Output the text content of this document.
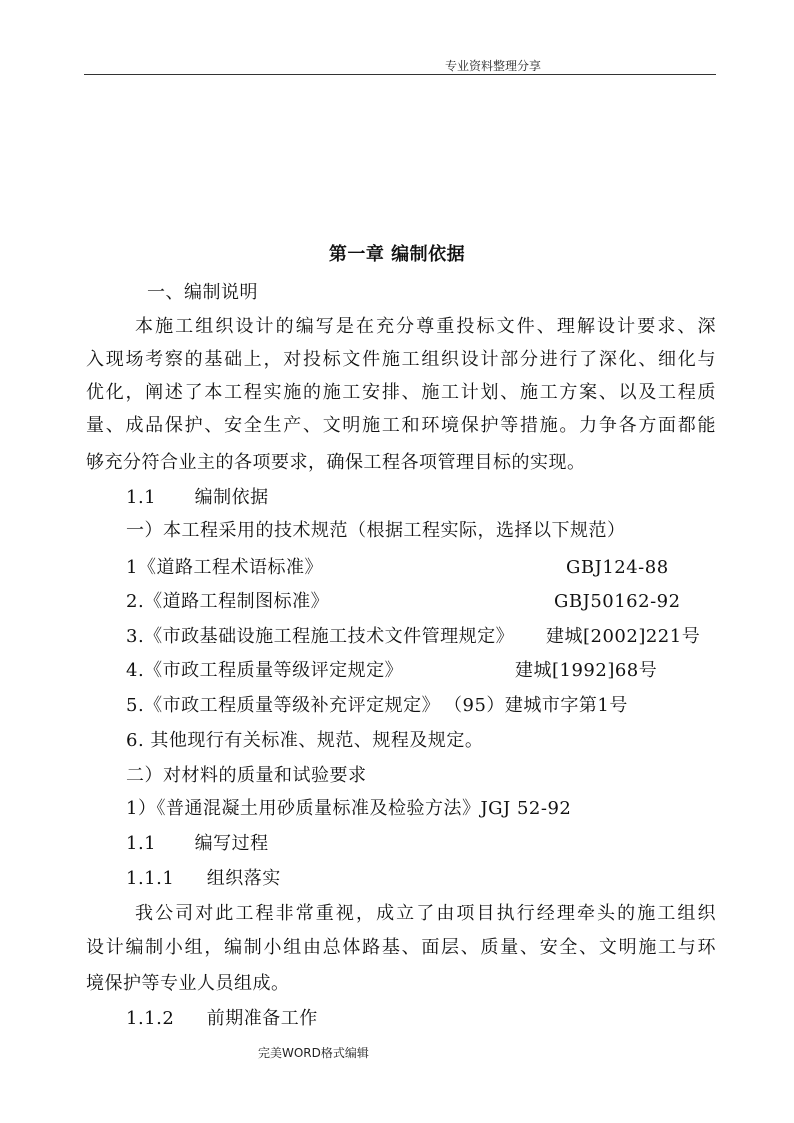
专业资料整理分享
第一章 编制依据
一、编制说明
本施工组织设计的编写是在充分尊重投标文件、理解设计要求、深
入现场考察的基础上，对投标文件施工组织设计部分进行了深化、细化与
优化，阐述了本工程实施的施工安排、施工计划、施工方案、以及工程质
量、成品保护、安全生产、文明施工和环境保护等措施。力争各方面都能
够充分符合业主的各项要求，确保工程各项管理目标的实现。
1.1 编制依据
一）本工程采用的技术规范（根据工程实际，选择以下规范）
1《道路工程术语标准》	GBJ124-88
2.《道路工程制图标准》	GBJ50162-92
3.《市政基础设施工程施工技术文件管理规定》 建城[2002]221号
4.《市政工程质量等级评定规定》	建城[1992]68号
5.《市政工程质量等级补充评定规定》 （95）建城市字第1号
6. 其他现行有关标准、规范、规程及规定。
二）对材料的质量和试验要求
1）《普通混凝土用砂质量标准及检验方法》JGJ 52-92
1.1 编写过程
1.1.1 组织落实
我公司对此工程非常重视，成立了由项目执行经理牵头的施工组织
设计编制小组，编制小组由总体路基、面层、质量、安全、文明施工与环
境保护等专业人员组成。
1.1.2 前期准备工作
完美WORD格式编辑
